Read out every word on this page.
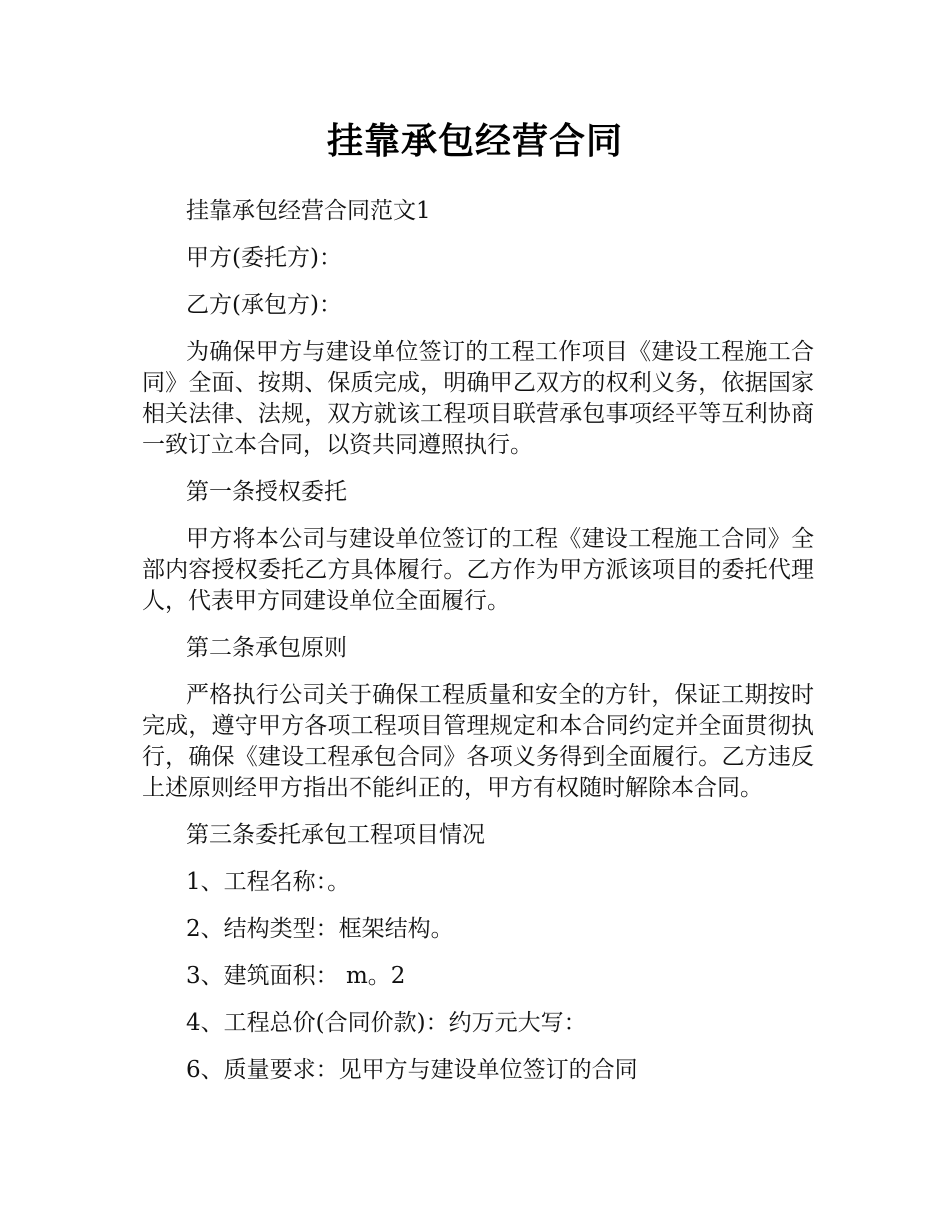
挂靠承包经营合同

挂靠承包经营合同范文1

甲方(委托方)：

乙方(承包方)：

为确保甲方与建设单位签订的工程工作项目《建设工程施工合同》全面、按期、保质完成，明确甲乙双方的权利义务，依据国家相关法律、法规，双方就该工程项目联营承包事项经平等互利协商一致订立本合同，以资共同遵照执行。

第一条授权委托

甲方将本公司与建设单位签订的工程《建设工程施工合同》全部内容授权委托乙方具体履行。乙方作为甲方派该项目的委托代理人，代表甲方同建设单位全面履行。

第二条承包原则

严格执行公司关于确保工程质量和安全的方针，保证工期按时完成，遵守甲方各项工程项目管理规定和本合同约定并全面贯彻执行，确保《建设工程承包合同》各项义务得到全面履行。乙方违反上述原则经甲方指出不能纠正的，甲方有权随时解除本合同。

第三条委托承包工程项目情况

1、工程名称：。

2、结构类型：框架结构。

3、建筑面积： m。2

4、工程总价(合同价款)：约万元大写：

6、质量要求：见甲方与建设单位签订的合同
